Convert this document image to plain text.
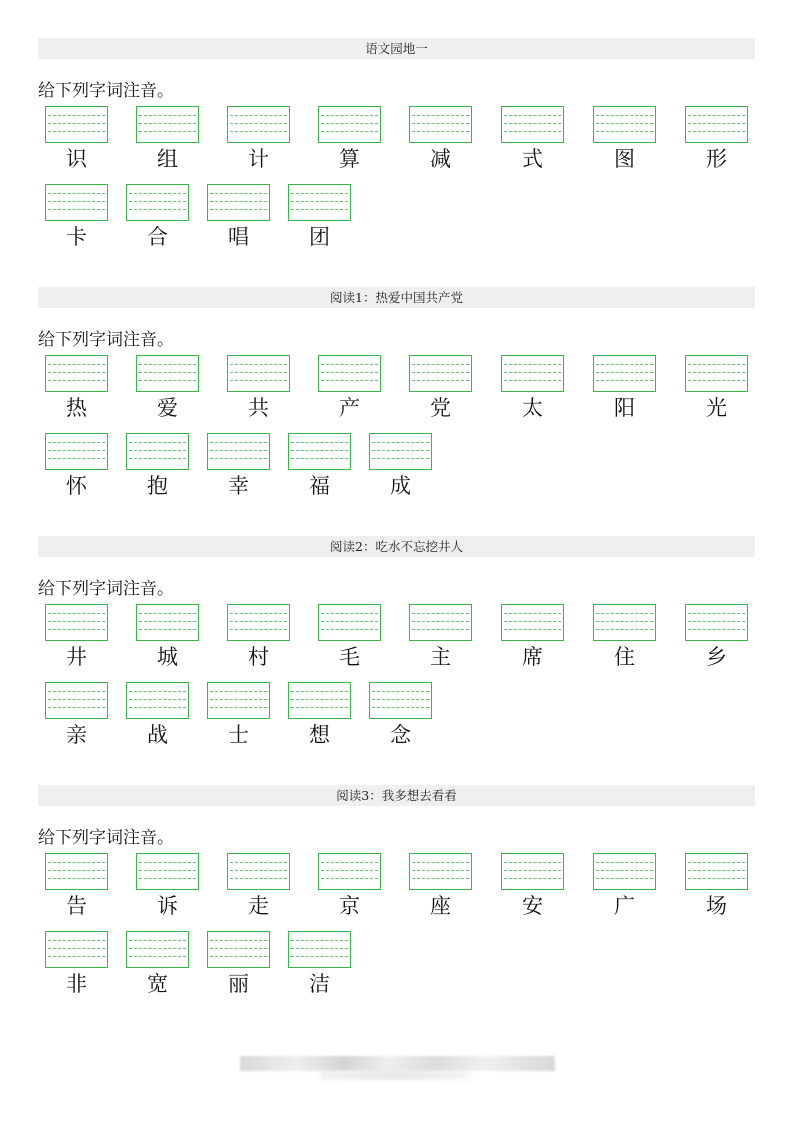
语文园地一
给下列字词注音。
识	组	计	算	减	式	图	形
卡	合	唱	团
阅读1：热爱中国共产党
给下列字词注音。
热	爱	共	产	党	太	阳	光
怀	抱	幸	福	成
阅读2：吃水不忘挖井人
给下列字词注音。
井	城	村	毛	主	席	住	乡
亲	战	士	想	念
阅读3：我多想去看看
给下列字词注音。
告	诉	走	京	座	安	广	场
非	宽	丽	洁
